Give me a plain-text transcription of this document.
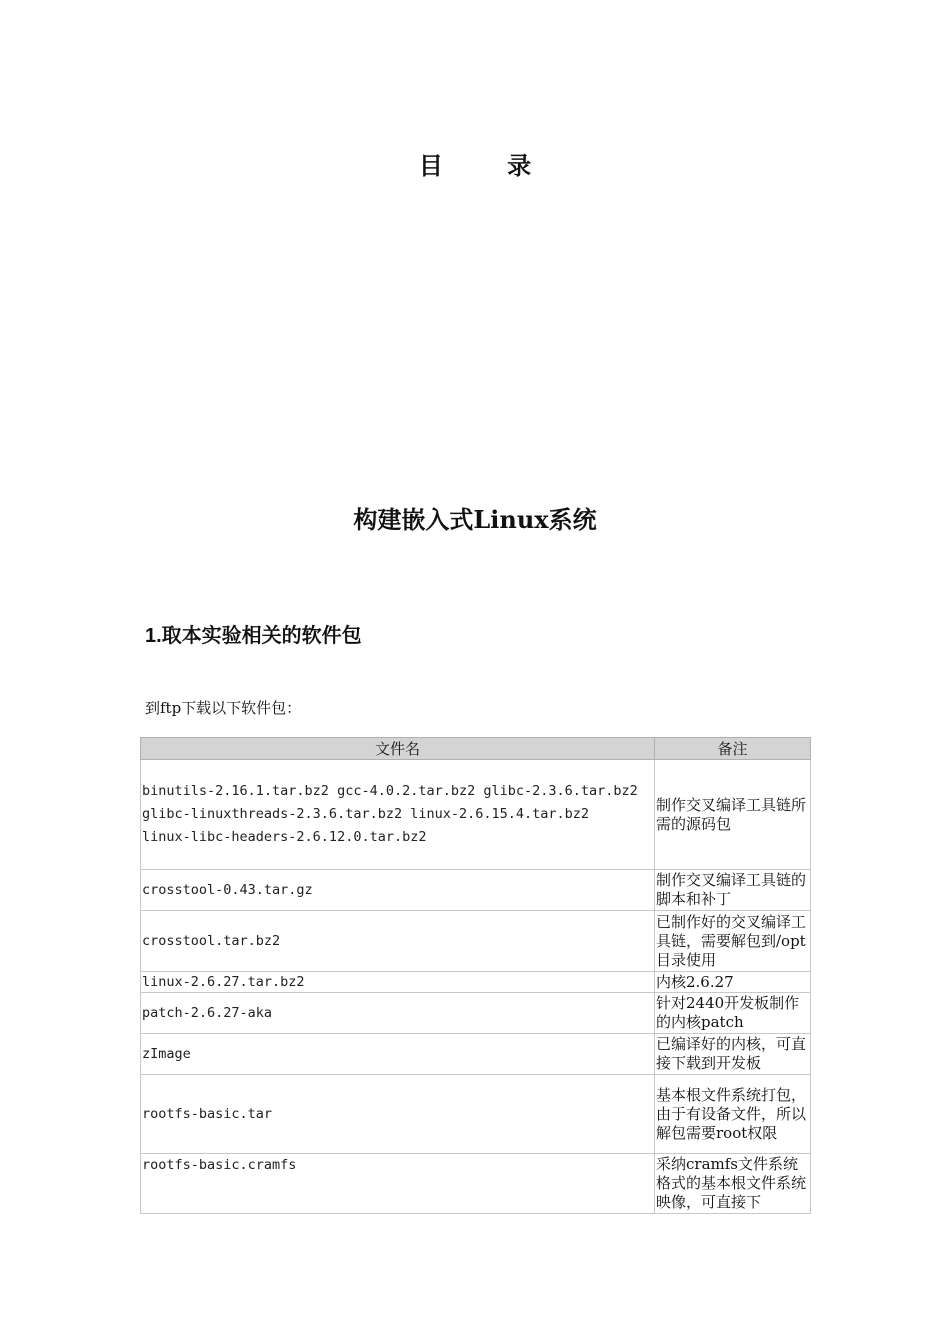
目 录
构建嵌入式Linux系统
1.取本实验相关的软件包
到ftp下载以下软件包：
文件名	备注

binutils-2.16.1.tar.bz2 gcc-4.0.2.tar.bz2 glibc-2.3.6.tar.bz2
glibc-linuxthreads-2.3.6.tar.bz2 linux-2.6.15.4.tar.bz2
linux-libc-headers-2.6.12.0.tar.bz2	制作交叉编译工具链所需的源码包
crosstool-0.43.tar.gz	制作交叉编译工具链的脚本和补丁
crosstool.tar.bz2	已制作好的交叉编译工具链，需要解包到/opt目录使用
linux-2.6.27.tar.bz2	内核2.6.27
patch-2.6.27-aka	针对2440开发板制作的内核patch
zImage	已编译好的内核，可直接下载到开发板
rootfs-basic.tar	基本根文件系统打包，由于有设备文件，所以解包需要root权限
rootfs-basic.cramfs	采纳cramfs文件系统格式的基本根文件系统映像，可直接下
